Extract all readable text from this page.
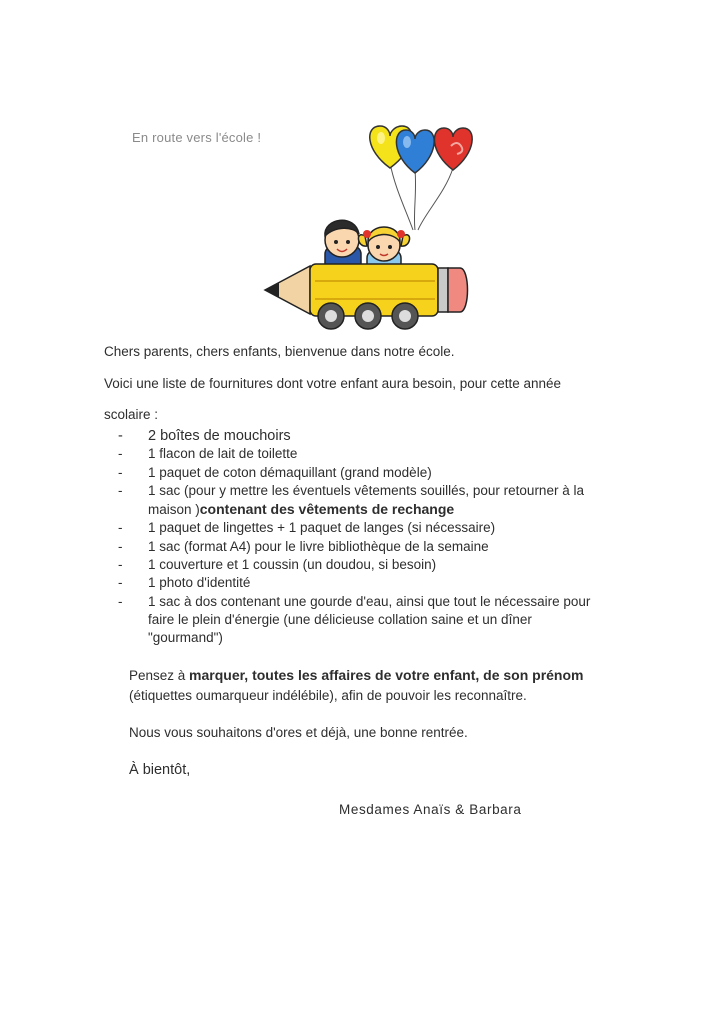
En route vers l'école !
Chers parents, chers enfants, bienvenue dans notre école.
Voici une liste de fournitures dont votre enfant aura besoin, pour cette année
scolaire :
-	2 boîtes de mouchoirs
-	1 flacon de lait de toilette
-	1 paquet de coton démaquillant (grand modèle)
-	1 sac (pour y mettre les éventuels vêtements souillés, pour retourner à la maison )contenant des vêtements de rechange
-	1 paquet de lingettes + 1 paquet de langes (si nécessaire)
-	1 sac (format A4) pour le livre bibliothèque de la semaine
-	1 couverture et 1 coussin (un doudou, si besoin)
-	1 photo d'identité
-	1 sac à dos contenant une gourde d'eau, ainsi que tout le nécessaire pour faire le plein d'énergie (une délicieuse collation saine et un dîner "gourmand")
Pensez à marquer, toutes les affaires de votre enfant, de son prénom
(étiquettes oumarqueur indélébile), afin de pouvoir les reconnaître.
Nous vous souhaitons d'ores et déjà, une bonne rentrée.
À bientôt,
Mesdames Anaïs & Barbara
